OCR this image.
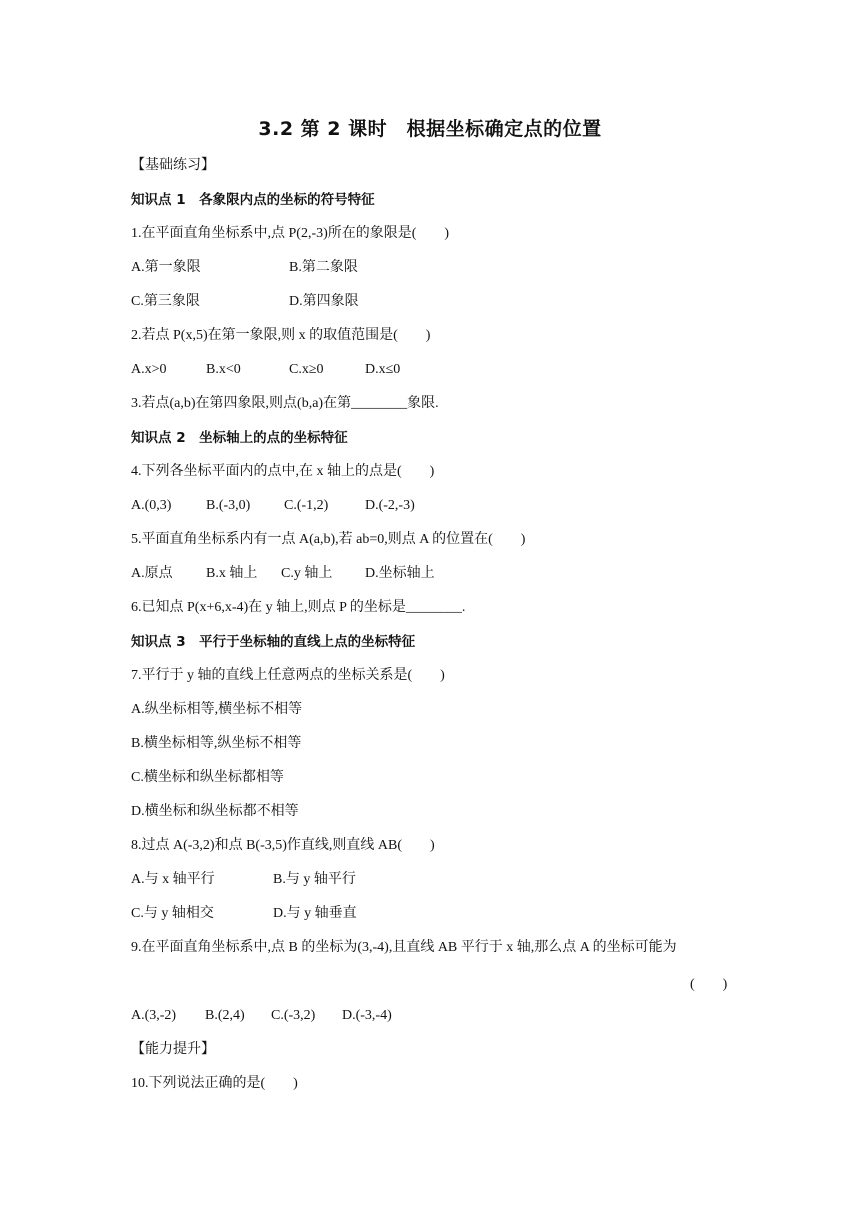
3.2 第 2 课时　根据坐标确定点的位置
【基础练习】
知识点 1　各象限内点的坐标的符号特征
1.在平面直角坐标系中,点 P(2,-3)所在的象限是(　　)
A.第一象限	B.第二象限
C.第三象限	D.第四象限
2.若点 P(x,5)在第一象限,则 x 的取值范围是(　　)
A.x>0	B.x<0	C.x≥0	D.x≤0
3.若点(a,b)在第四象限,则点(b,a)在第________象限.
知识点 2　坐标轴上的点的坐标特征
4.下列各坐标平面内的点中,在 x 轴上的点是(　　)
A.(0,3) B.(-3,0) C.(-1,2)	D.(-2,-3)
5.平面直角坐标系内有一点 A(a,b),若 ab=0,则点 A 的位置在(　　)
A.原点 B.x 轴上 C.y 轴上 D.坐标轴上
6.已知点 P(x+6,x-4)在 y 轴上,则点 P 的坐标是________.
知识点 3　平行于坐标轴的直线上点的坐标特征
7.平行于 y 轴的直线上任意两点的坐标关系是(　　)
A.纵坐标相等,横坐标不相等
B.横坐标相等,纵坐标不相等
C.横坐标和纵坐标都相等
D.横坐标和纵坐标都不相等
8.过点 A(-3,2)和点 B(-3,5)作直线,则直线 AB(　　)
A.与 x 轴平行	B.与 y 轴平行
C.与 y 轴相交	D.与 y 轴垂直
9.在平面直角坐标系中,点 B 的坐标为(3,-4),且直线 AB 平行于 x 轴,那么点 A 的坐标可能为
(　　)
A.(3,-2) B.(2,4) C.(-3,2) D.(-3,-4)
【能力提升】
10.下列说法正确的是(　　)
